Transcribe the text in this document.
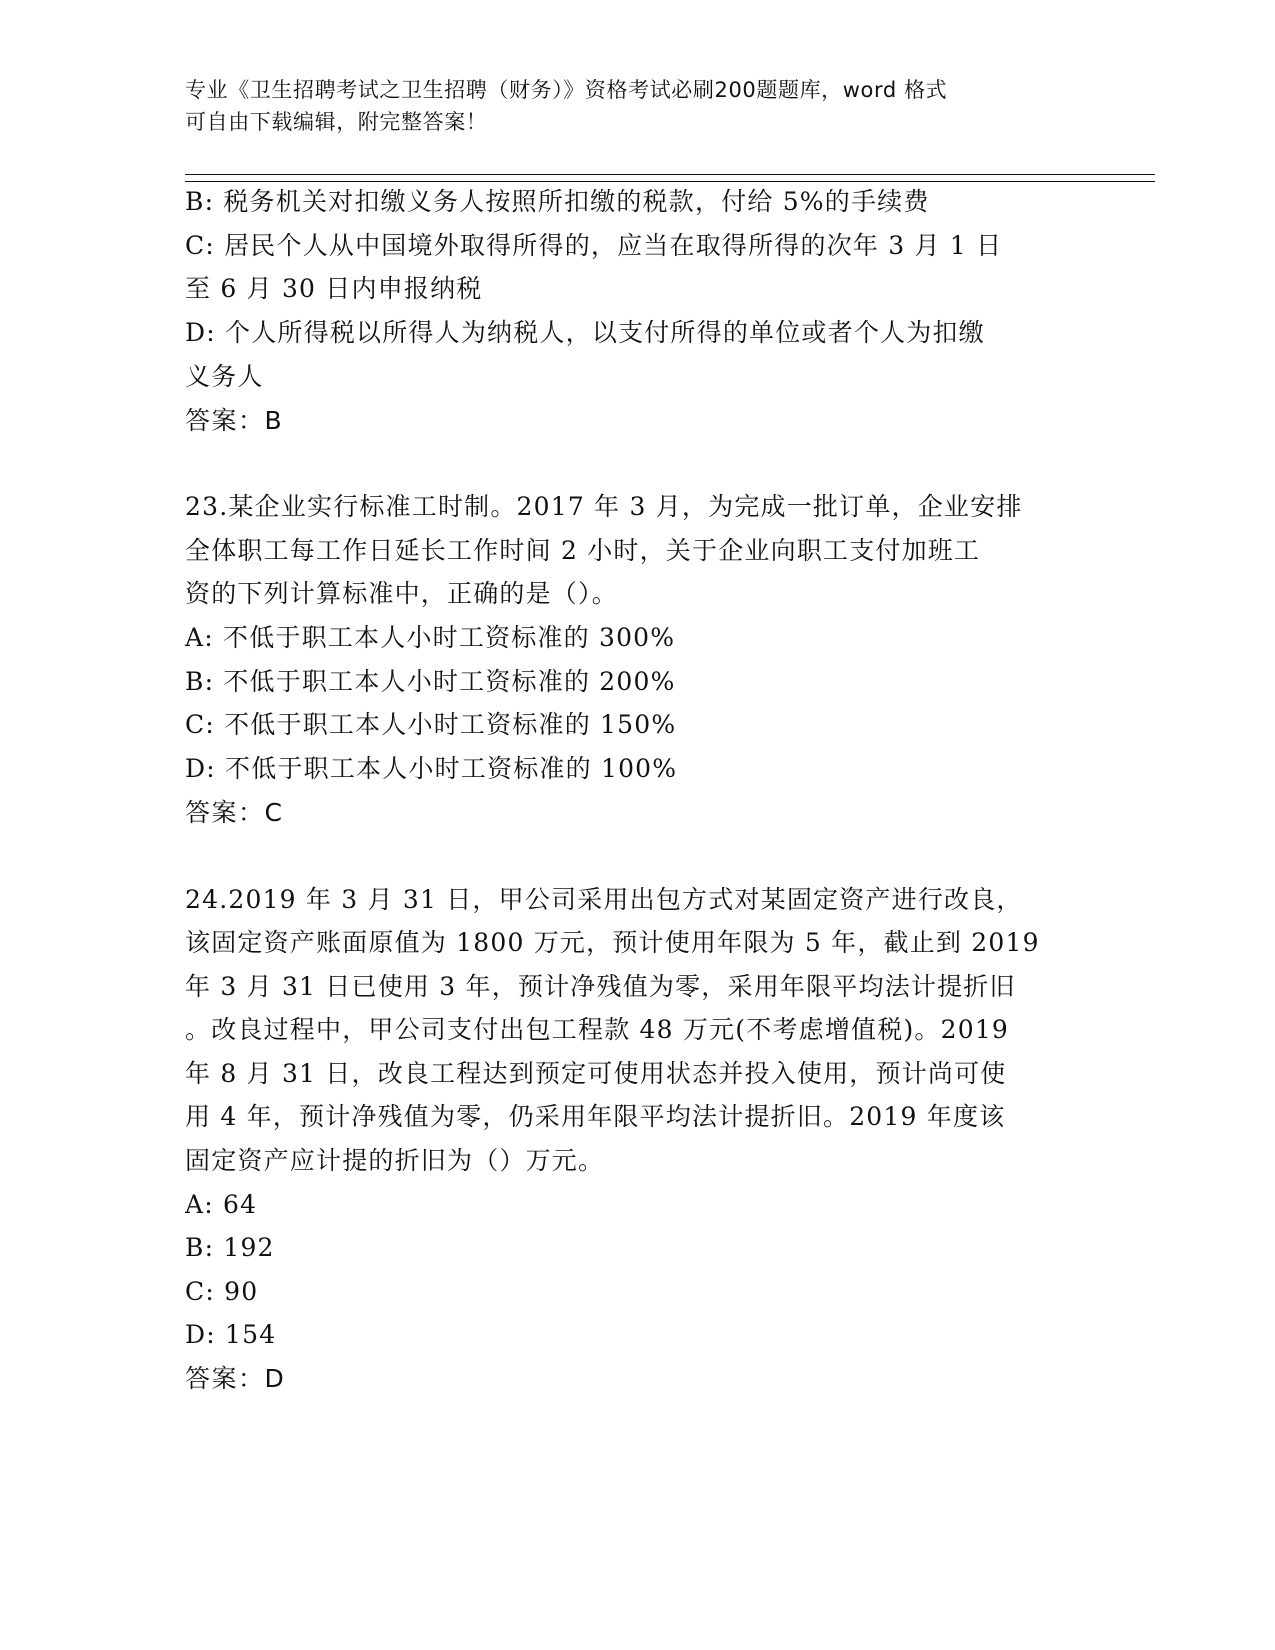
专业《卫生招聘考试之卫生招聘（财务）》资格考试必刷200题题库，word 格式
可自由下载编辑，附完整答案！
B: 税务机关对扣缴义务人按照所扣缴的税款，付给 5%的手续费
C: 居民个人从中国境外取得所得的，应当在取得所得的次年 3 月 1 日
至 6 月 30 日内申报纳税
D: 个人所得税以所得人为纳税人，以支付所得的单位或者个人为扣缴
义务人
答案：B
23.某企业实行标准工时制。2017 年 3 月，为完成一批订单，企业安排
全体职工每工作日延长工作时间 2 小时，关于企业向职工支付加班工
资的下列计算标准中，正确的是（）。
A: 不低于职工本人小时工资标准的 300%
B: 不低于职工本人小时工资标准的 200%
C: 不低于职工本人小时工资标准的 150%
D: 不低于职工本人小时工资标准的 100%
答案：C
24.2019 年 3 月 31 日，甲公司采用出包方式对某固定资产进行改良，
该固定资产账面原值为 1800 万元，预计使用年限为 5 年，截止到 2019
年 3 月 31 日已使用 3 年，预计净残值为零，采用年限平均法计提折旧
。改良过程中，甲公司支付出包工程款 48 万元(不考虑增值税)。2019
年 8 月 31 日，改良工程达到预定可使用状态并投入使用，预计尚可使
用 4 年，预计净残值为零，仍采用年限平均法计提折旧。2019 年度该
固定资产应计提的折旧为（）万元。
A: 64
B: 192
C: 90
D: 154
答案：D
